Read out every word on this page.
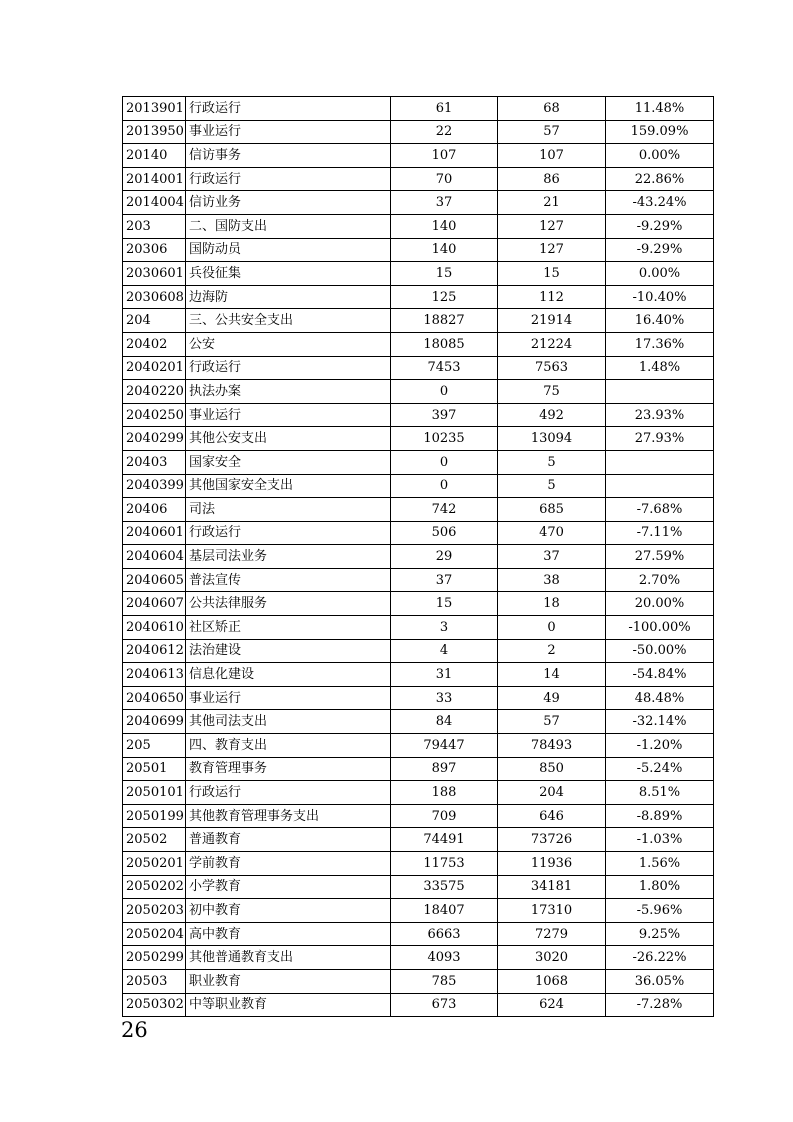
2013901	行政运行	61	68	11.48%
2013950	事业运行	22	57	159.09%
20140	信访事务	107	107	0.00%
2014001	行政运行	70	86	22.86%
2014004	信访业务	37	21	-43.24%
203	二、国防支出	140	127	-9.29%
20306	国防动员	140	127	-9.29%
2030601	兵役征集	15	15	0.00%
2030608	边海防	125	112	-10.40%
204	三、公共安全支出	18827	21914	16.40%
20402	公安	18085	21224	17.36%
2040201	行政运行	7453	7563	1.48%
2040220	执法办案	0	75	
2040250	事业运行	397	492	23.93%
2040299	其他公安支出	10235	13094	27.93%
20403	国家安全	0	5	
2040399	其他国家安全支出	0	5	
20406	司法	742	685	-7.68%
2040601	行政运行	506	470	-7.11%
2040604	基层司法业务	29	37	27.59%
2040605	普法宣传	37	38	2.70%
2040607	公共法律服务	15	18	20.00%
2040610	社区矫正	3	0	-100.00%
2040612	法治建设	4	2	-50.00%
2040613	信息化建设	31	14	-54.84%
2040650	事业运行	33	49	48.48%
2040699	其他司法支出	84	57	-32.14%
205	四、教育支出	79447	78493	-1.20%
20501	教育管理事务	897	850	-5.24%
2050101	行政运行	188	204	8.51%
2050199	其他教育管理事务支出	709	646	-8.89%
20502	普通教育	74491	73726	-1.03%
2050201	学前教育	11753	11936	1.56%
2050202	小学教育	33575	34181	1.80%
2050203	初中教育	18407	17310	-5.96%
2050204	高中教育	6663	7279	9.25%
2050299	其他普通教育支出	4093	3020	-26.22%
20503	职业教育	785	1068	36.05%
2050302	中等职业教育	673	624	-7.28%
26
